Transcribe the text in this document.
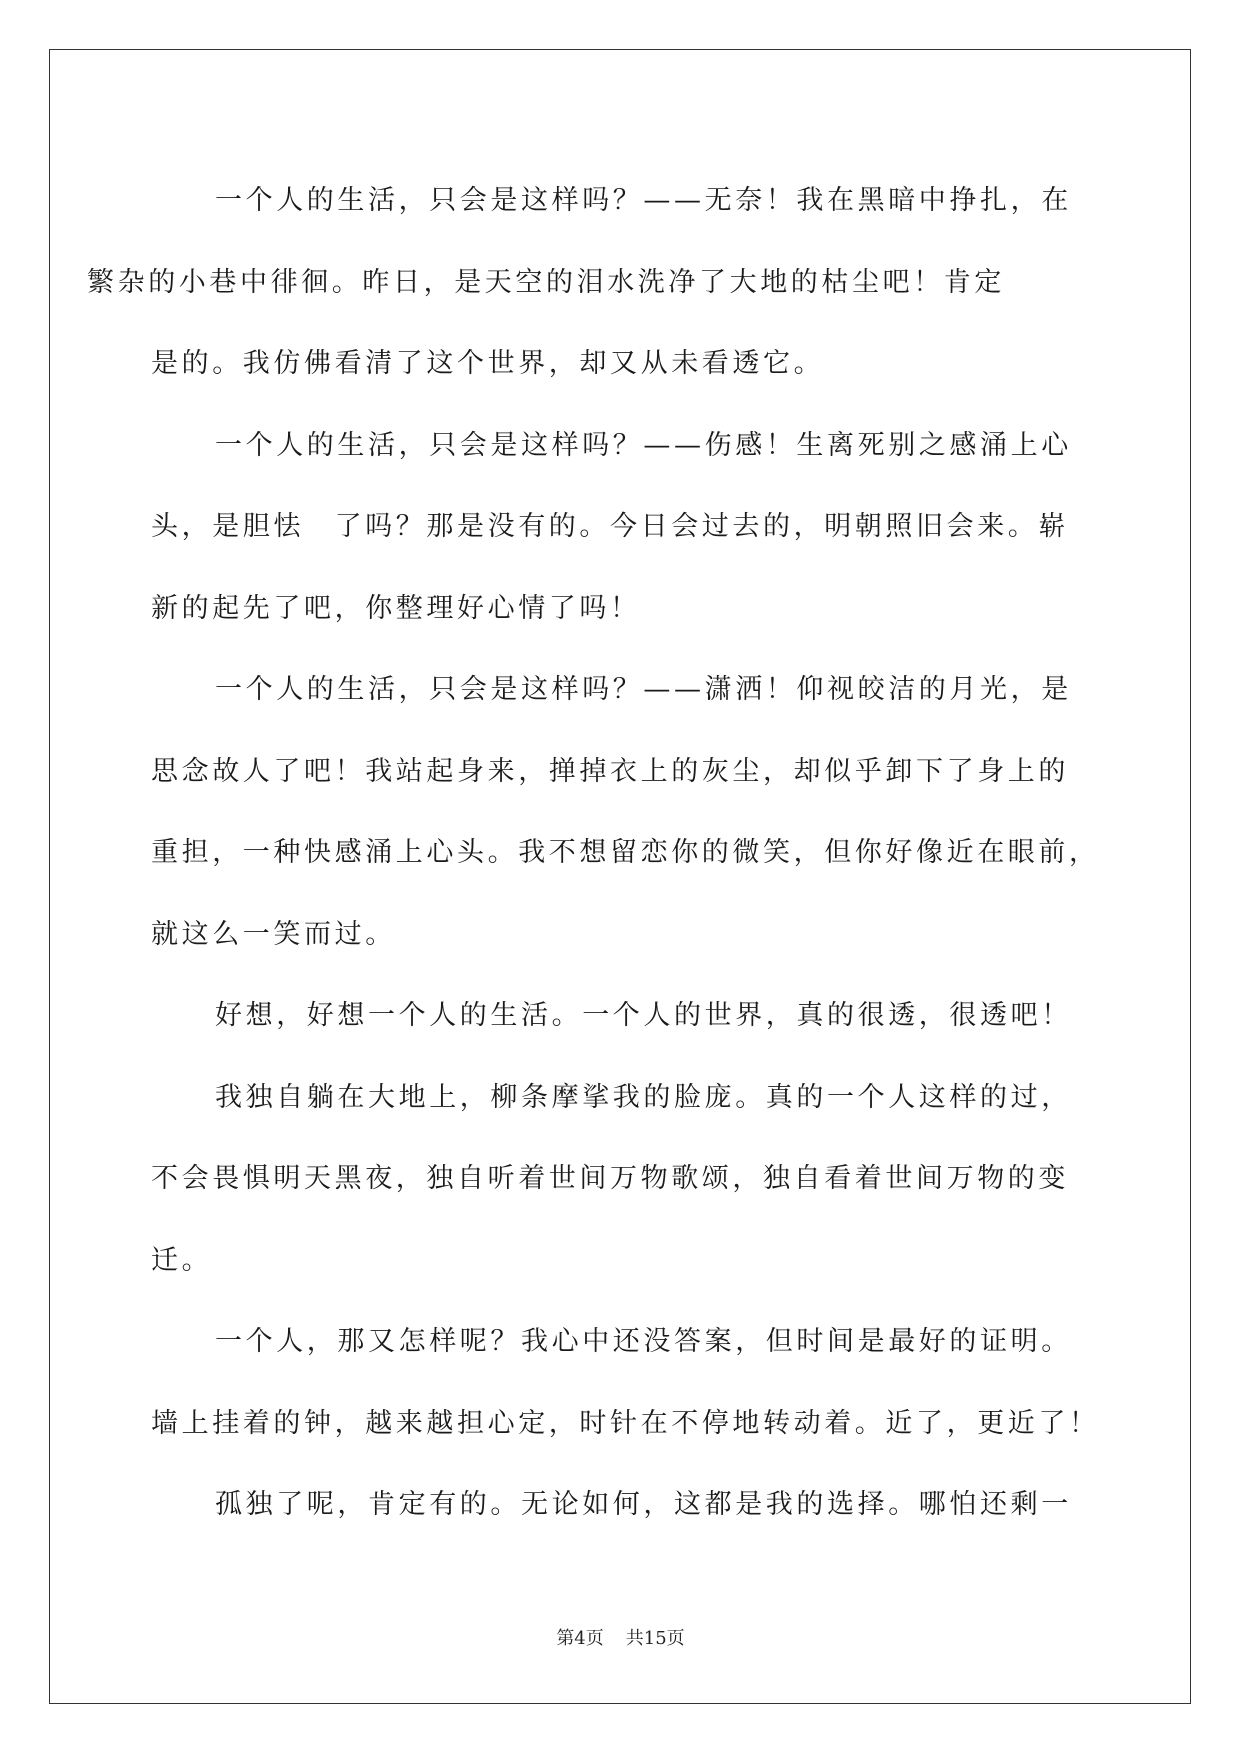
一个人的生活，只会是这样吗？——无奈！我在黑暗中挣扎，在
繁杂的小巷中徘徊。昨日，是天空的泪水洗净了大地的枯尘吧！肯定
是的。我仿佛看清了这个世界，却又从未看透它。
一个人的生活，只会是这样吗？——伤感！生离死别之感涌上心
头，是胆怯　了吗？那是没有的。今日会过去的，明朝照旧会来。崭
新的起先了吧，你整理好心情了吗！
一个人的生活，只会是这样吗？——潇洒！仰视皎洁的月光，是
思念故人了吧！我站起身来，掸掉衣上的灰尘，却似乎卸下了身上的
重担，一种快感涌上心头。我不想留恋你的微笑，但你好像近在眼前，
就这么一笑而过。
好想，好想一个人的生活。一个人的世界，真的很透，很透吧！
我独自躺在大地上，柳条摩挲我的脸庞。真的一个人这样的过，
不会畏惧明天黑夜，独自听着世间万物歌颂，独自看着世间万物的变
迁。
一个人，那又怎样呢？我心中还没答案，但时间是最好的证明。
墙上挂着的钟，越来越担心定，时针在不停地转动着。近了，更近了！
孤独了呢，肯定有的。无论如何，这都是我的选择。哪怕还剩一
第4页 共15页
